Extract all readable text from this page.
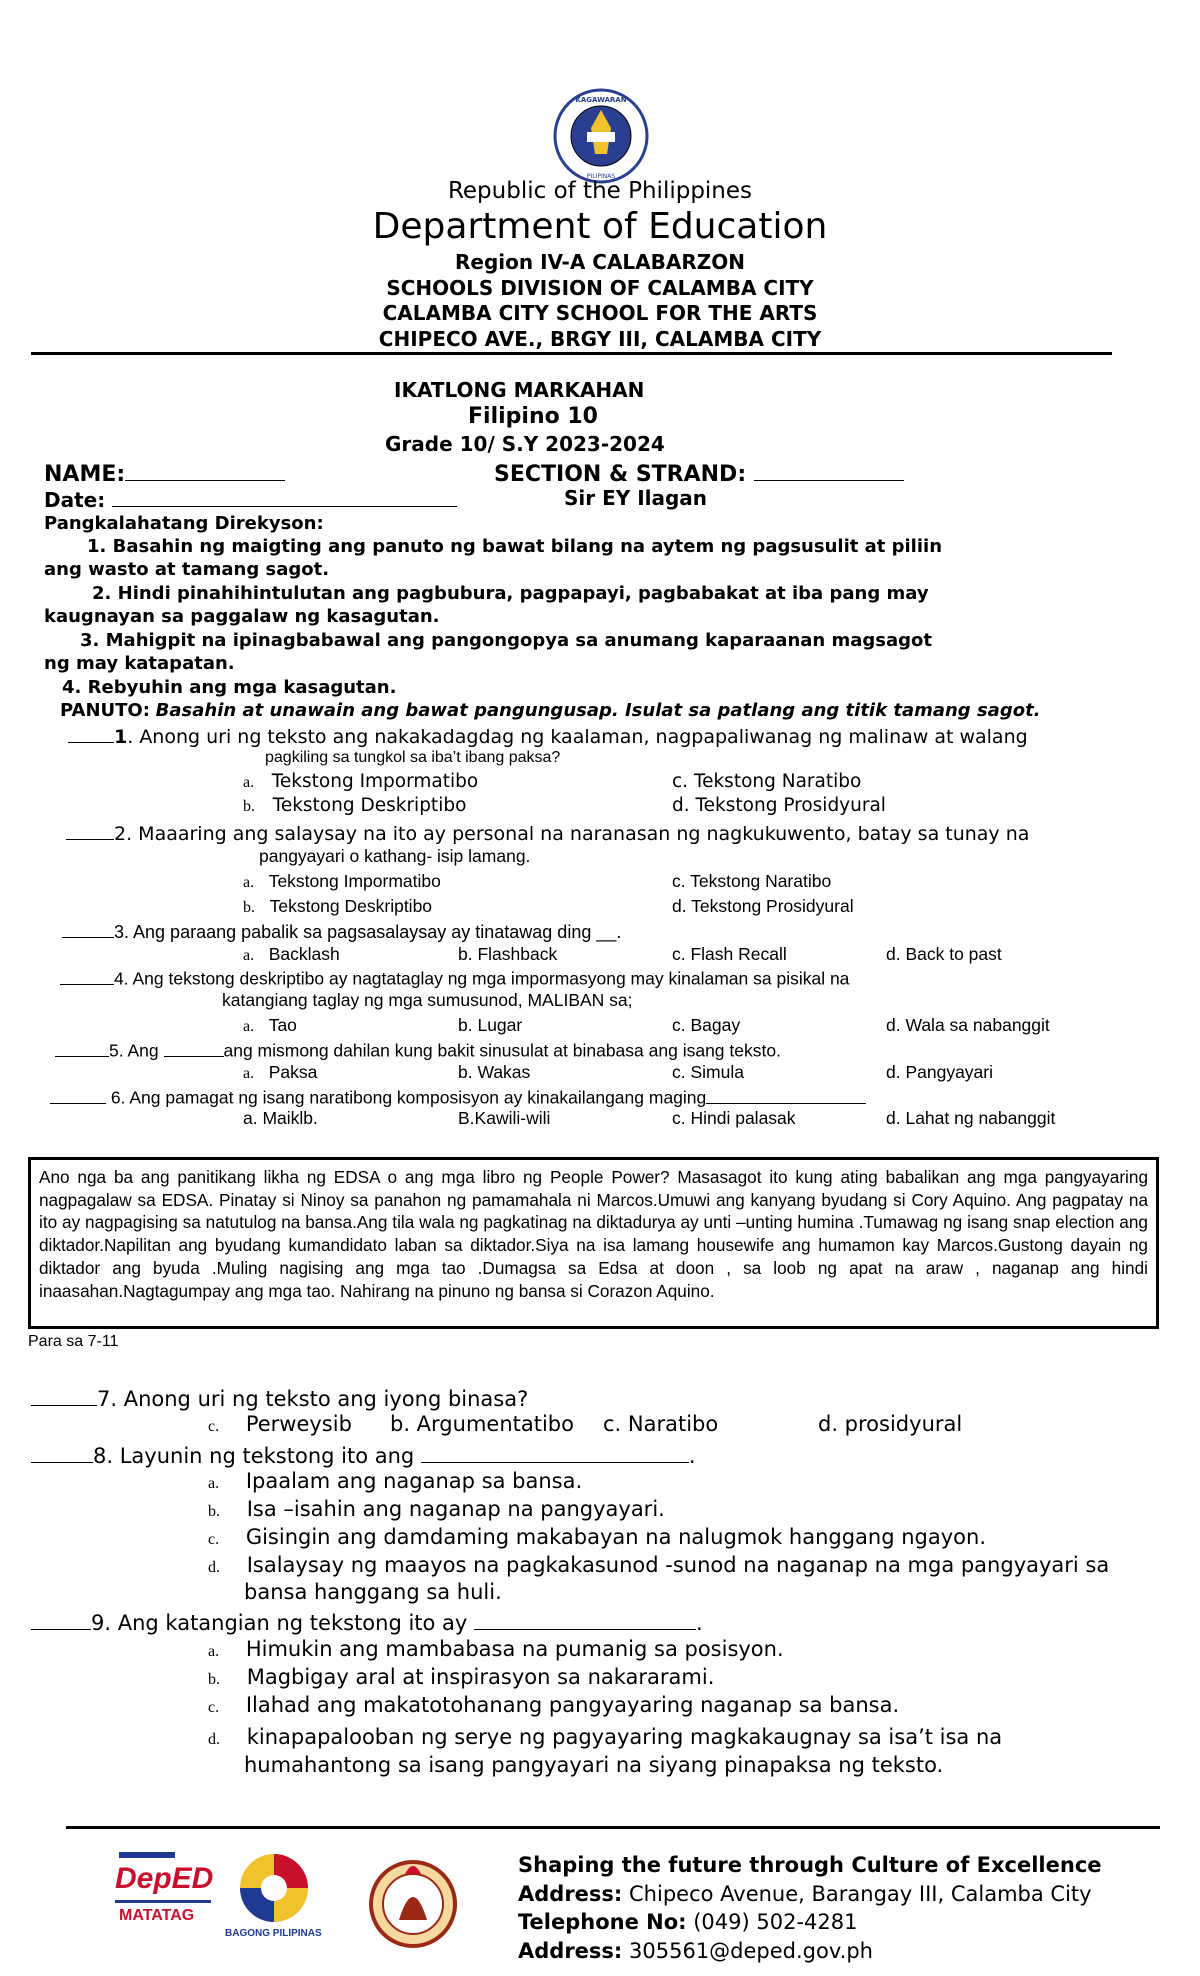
KAGAWARAN
PILIPINAS
Republic of the Philippines
Department of Education
Region IV-A CALABARZON
SCHOOLS DIVISION OF CALAMBA CITY
CALAMBA CITY SCHOOL FOR THE ARTS
CHIPECO AVE., BRGY III, CALAMBA CITY
IKATLONG MARKAHAN
Filipino 10
Grade 10/ S.Y 2023-2024
NAME:	SECTION & STRAND:
Date:	Sir EY Ilagan
Pangkalahatang Direkyson:
1. Basahin ng maigting ang panuto ng bawat bilang na aytem ng pagsusulit at piliin
ang wasto at tamang sagot.
2. Hindi pinahihintulutan ang pagbubura, pagpapayi, pagbabakat at iba pang may
kaugnayan sa paggalaw ng kasagutan.
3. Mahigpit na ipinagbabawal ang pangongopya sa anumang kaparaanan magsagot
ng may katapatan.
4. Rebyuhin ang mga kasagutan.
PANUTO: Basahin at unawain ang bawat pangungusap. Isulat sa patlang ang titik tamang sagot.
1. Anong uri ng teksto ang nakakadagdag ng kaalaman, nagpapaliwanag ng malinaw at walang
pagkiling sa tungkol sa iba’t ibang paksa?
a. Tekstong Impormatibo
b. Tekstong Deskriptibo
c. Tekstong Naratibo
d. Tekstong Prosidyural
2. Maaaring ang salaysay na ito ay personal na naranasan ng nagkukuwento, batay sa tunay na
pangyayari o kathang- isip lamang.
a. Tekstong Impormatibo
b. Tekstong Deskriptibo
c. Tekstong Naratibo
d. Tekstong Prosidyural
3. Ang paraang pabalik sa pagsasalaysay ay tinatawag ding __.
a. Backlash	b. Flashback	c. Flash Recall	d. Back to past
4. Ang tekstong deskriptibo ay nagtataglay ng mga impormasyong may kinalaman sa pisikal na
katangiang taglay ng mga sumusunod, MALIBAN sa;
a. Tao	b. Lugar	c. Bagay	d. Wala sa nabanggit
5. Ang	ang mismong dahilan kung bakit sinusulat at binabasa ang isang teksto.
a. Paksa	b. Wakas	c. Simula	d. Pangyayari
6. Ang pamagat ng isang naratibong komposisyon ay kinakailangang maging
a. Maiklb.	B.Kawili-wili	c. Hindi palasak	d. Lahat ng nabanggit

Ano nga ba ang panitikang likha ng EDSA o ang mga libro ng People Power? Masasagot ito kung ating babalikan ang mga pangyayaring nagpagalaw sa EDSA. Pinatay si Ninoy sa panahon ng pamamahala ni Marcos.Umuwi ang kanyang byudang si Cory Aquino. Ang pagpatay na ito ay nagpagising sa natutulog na bansa.Ang tila wala ng pagkatinag na diktadurya ay unti –unting humina .Tumawag ng isang snap election ang diktador.Napilitan ang byudang kumandidato laban sa diktador.Siya na isa lamang housewife ang humamon kay Marcos.Gustong dayain ng diktador ang byuda .Muling nagising ang mga tao .Dumagsa sa Edsa at doon , sa loob ng apat na araw , naganap ang hindi inaasahan.Nagtagumpay ang mga tao. Nahirang na pinuno ng bansa si Corazon Aquino.

Para sa 7-11
7. Anong uri ng teksto ang iyong binasa?
c. Perweysib b. Argumentatibo c. Naratibo	d. prosidyural
8. Layunin ng tekstong ito ang	.
a. Ipaalam ang naganap sa bansa.
b. Isa –isahin ang naganap na pangyayari.
c. Gisingin ang damdaming makabayan na nalugmok hanggang ngayon.
d. Isalaysay ng maayos na pagkakasunod -sunod na naganap na mga pangyayari sa
bansa hanggang sa huli.
9. Ang katangian ng tekstong ito ay	.
a. Himukin ang mambabasa na pumanig sa posisyon.
b. Magbigay aral at inspirasyon sa nakararami.
c. Ilahad ang makatotohanang pangyayaring naganap sa bansa.
d. kinapapalooban ng serye ng pagyayaring magkakaugnay sa isa’t isa na
humahantong sa isang pangyayari na siyang pinapaksa ng teksto.
DepED
MATATAG
BAGONG PILIPINAS
Shaping the future through Culture of Excellence
Address: Chipeco Avenue, Barangay III, Calamba City
Telephone No: (049) 502-4281
Address: 305561@deped.gov.ph
